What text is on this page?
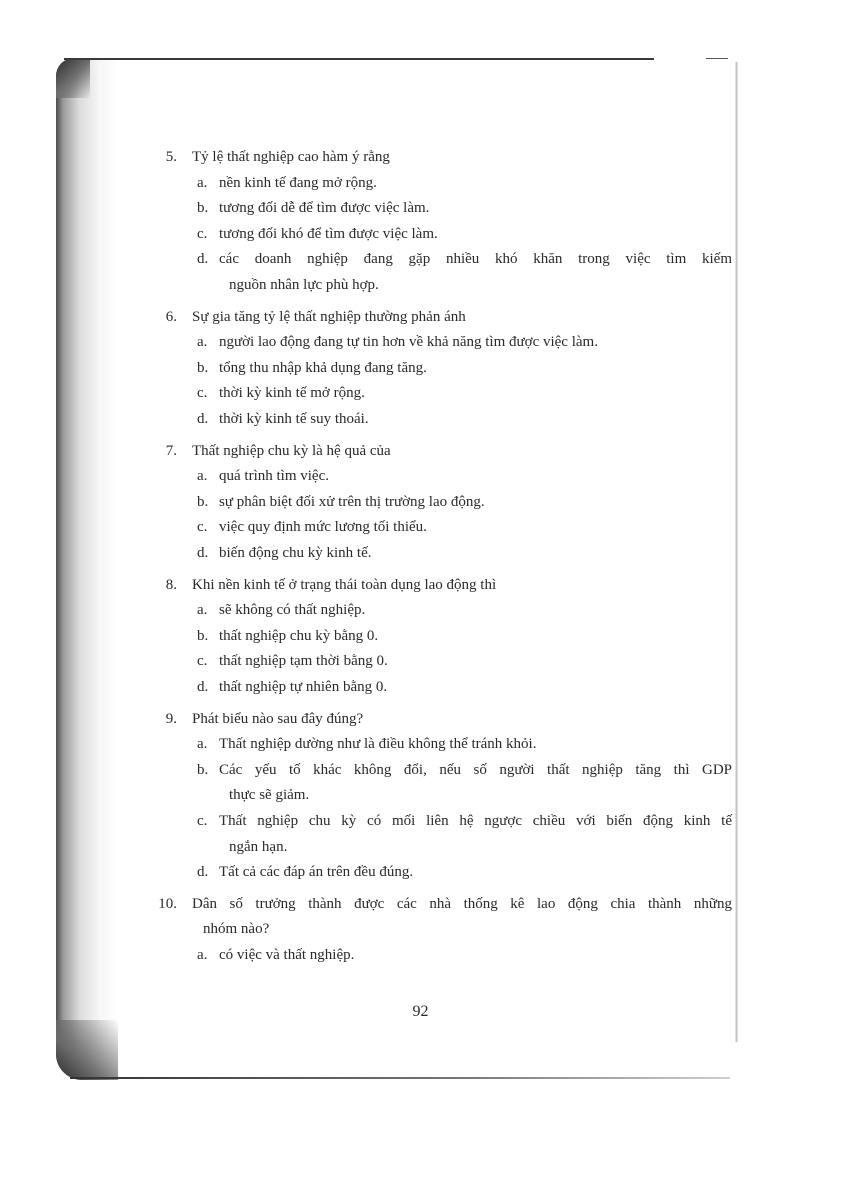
5. Tỷ lệ thất nghiệp cao hàm ý rằng
a. nền kinh tế đang mở rộng.
b. tương đối dễ để tìm được việc làm.
c. tương đối khó để tìm được việc làm.
d. các doanh nghiệp đang gặp nhiều khó khăn trong việc tìm kiếm
nguồn nhân lực phù hợp.
6. Sự gia tăng tỷ lệ thất nghiệp thường phản ánh
a. người lao động đang tự tin hơn về khả năng tìm được việc làm.
b. tổng thu nhập khả dụng đang tăng.
c. thời kỳ kinh tế mở rộng.
d. thời kỳ kinh tế suy thoái.
7. Thất nghiệp chu kỳ là hệ quả của
a. quá trình tìm việc.
b. sự phân biệt đối xử trên thị trường lao động.
c. việc quy định mức lương tối thiểu.
d. biến động chu kỳ kinh tế.
8. Khi nền kinh tế ở trạng thái toàn dụng lao động thì
a. sẽ không có thất nghiệp.
b. thất nghiệp chu kỳ bằng 0.
c. thất nghiệp tạm thời bằng 0.
d. thất nghiệp tự nhiên bằng 0.
9. Phát biểu nào sau đây đúng?
a. Thất nghiệp dường như là điều không thể tránh khỏi.
b. Các yếu tố khác không đổi, nếu số người thất nghiệp tăng thì GDP
thực sẽ giảm.
c. Thất nghiệp chu kỳ có mối liên hệ ngược chiều với biến động kinh tế
ngắn hạn.
d. Tất cả các đáp án trên đều đúng.
10. Dân số trưởng thành được các nhà thống kê lao động chia thành những
nhóm nào?
a. có việc và thất nghiệp.
92
